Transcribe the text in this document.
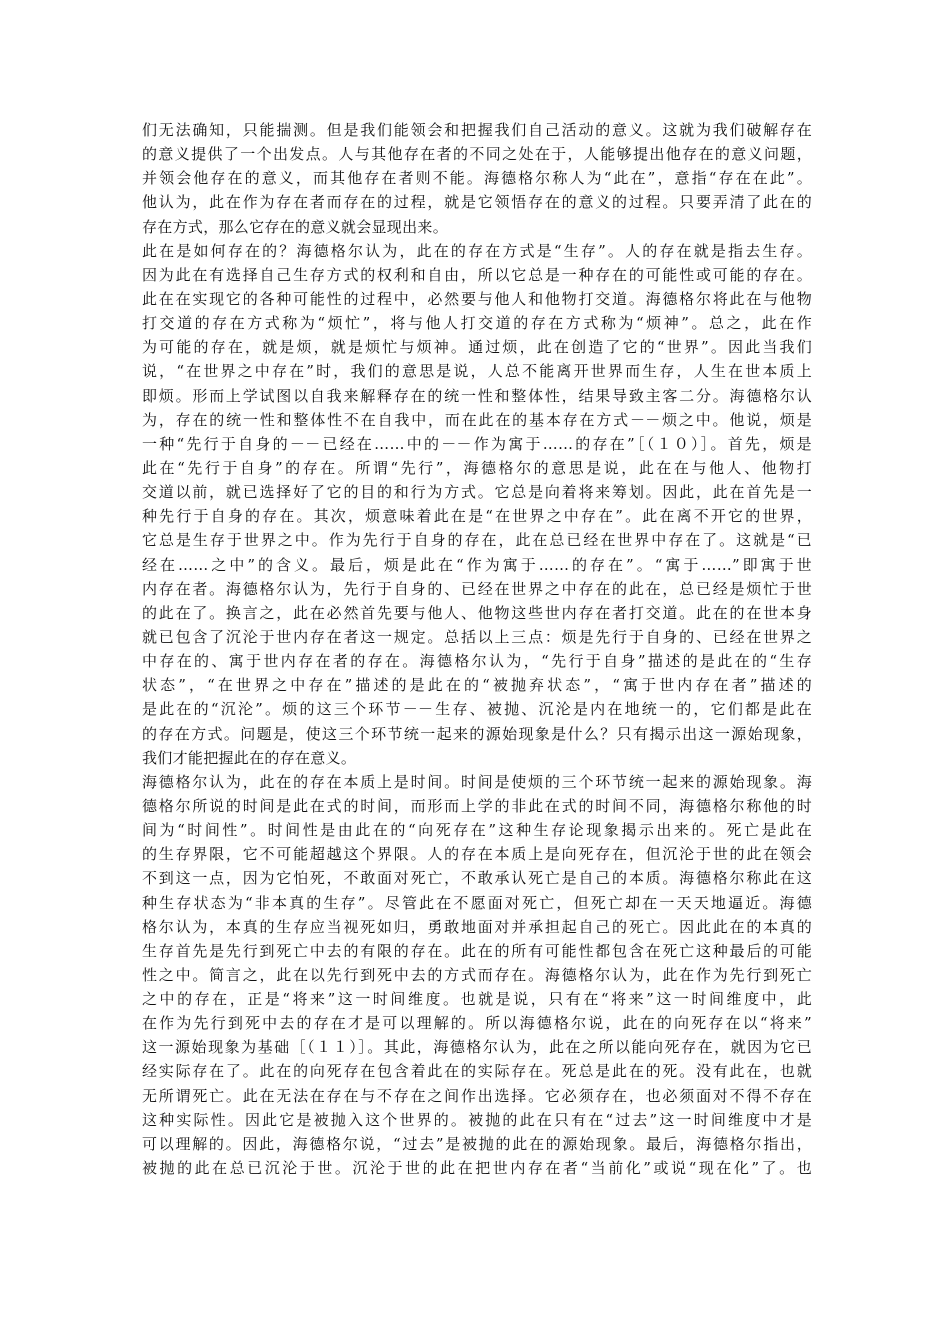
们无法确知，只能揣测。但是我们能领会和把握我们自己活动的意义。这就为我们破解存在
的意义提供了一个出发点。人与其他存在者的不同之处在于，人能够提出他存在的意义问题，
并领会他存在的意义，而其他存在者则不能。海德格尔称人为“此在”，意指“存在在此”。
他认为，此在作为存在者而存在的过程，就是它领悟存在的意义的过程。只要弄清了此在的
存在方式，那么它存在的意义就会显现出来。
此在是如何存在的？海德格尔认为，此在的存在方式是“生存”。人的存在就是指去生存。
因为此在有选择自己生存方式的权利和自由，所以它总是一种存在的可能性或可能的存在。
此在在实现它的各种可能性的过程中，必然要与他人和他物打交道。海德格尔将此在与他物
打交道的存在方式称为“烦忙”，将与他人打交道的存在方式称为“烦神”。总之，此在作
为可能的存在，就是烦，就是烦忙与烦神。通过烦，此在创造了它的“世界”。因此当我们
说，“在世界之中存在”时，我们的意思是说，人总不能离开世界而生存，人生在世本质上
即烦。形而上学试图以自我来解释存在的统一性和整体性，结果导致主客二分。海德格尔认
为，存在的统一性和整体性不在自我中，而在此在的基本存在方式－－烦之中。他说，烦是
一种“先行于自身的－－已经在……中的－－作为寓于……的存在”［（１０）］。首先，烦是
此在“先行于自身”的存在。所谓“先行”，海德格尔的意思是说，此在在与他人、他物打
交道以前，就已选择好了它的目的和行为方式。它总是向着将来筹划。因此，此在首先是一
种先行于自身的存在。其次，烦意味着此在是“在世界之中存在”。此在离不开它的世界，
它总是生存于世界之中。作为先行于自身的存在，此在总已经在世界中存在了。这就是“已
经在……之中”的含义。最后，烦是此在“作为寓于……的存在”。“寓于……”即寓于世
内存在者。海德格尔认为，先行于自身的、已经在世界之中存在的此在，总已经是烦忙于世
的此在了。换言之，此在必然首先要与他人、他物这些世内存在者打交道。此在的在世本身
就已包含了沉沦于世内存在者这一规定。总括以上三点：烦是先行于自身的、已经在世界之
中存在的、寓于世内存在者的存在。海德格尔认为，“先行于自身”描述的是此在的“生存
状态”，“在世界之中存在”描述的是此在的“被抛弃状态”，“寓于世内存在者”描述的
是此在的“沉沦”。烦的这三个环节－－生存、被抛、沉沦是内在地统一的，它们都是此在
的存在方式。问题是，使这三个环节统一起来的源始现象是什么？只有揭示出这一源始现象，
我们才能把握此在的存在意义。
海德格尔认为，此在的存在本质上是时间。时间是使烦的三个环节统一起来的源始现象。海
德格尔所说的时间是此在式的时间，而形而上学的非此在式的时间不同，海德格尔称他的时
间为“时间性”。时间性是由此在的“向死存在”这种生存论现象揭示出来的。死亡是此在
的生存界限，它不可能超越这个界限。人的存在本质上是向死存在，但沉沦于世的此在领会
不到这一点，因为它怕死，不敢面对死亡，不敢承认死亡是自己的本质。海德格尔称此在这
种生存状态为“非本真的生存”。尽管此在不愿面对死亡，但死亡却在一天天地逼近。海德
格尔认为，本真的生存应当视死如归，勇敢地面对并承担起自己的死亡。因此此在的本真的
生存首先是先行到死亡中去的有限的存在。此在的所有可能性都包含在死亡这种最后的可能
性之中。简言之，此在以先行到死中去的方式而存在。海德格尔认为，此在作为先行到死亡
之中的存在，正是“将来”这一时间维度。也就是说，只有在“将来”这一时间维度中，此
在作为先行到死中去的存在才是可以理解的。所以海德格尔说，此在的向死存在以“将来”
这一源始现象为基础［（１１）］。其此，海德格尔认为，此在之所以能向死存在，就因为它已
经实际存在了。此在的向死存在包含着此在的实际存在。死总是此在的死。没有此在，也就
无所谓死亡。此在无法在存在与不存在之间作出选择。它必须存在，也必须面对不得不存在
这种实际性。因此它是被抛入这个世界的。被抛的此在只有在“过去”这一时间维度中才是
可以理解的。因此，海德格尔说，“过去”是被抛的此在的源始现象。最后，海德格尔指出，
被抛的此在总已沉沦于世。沉沦于世的此在把世内存在者“当前化”或说“现在化”了。也
